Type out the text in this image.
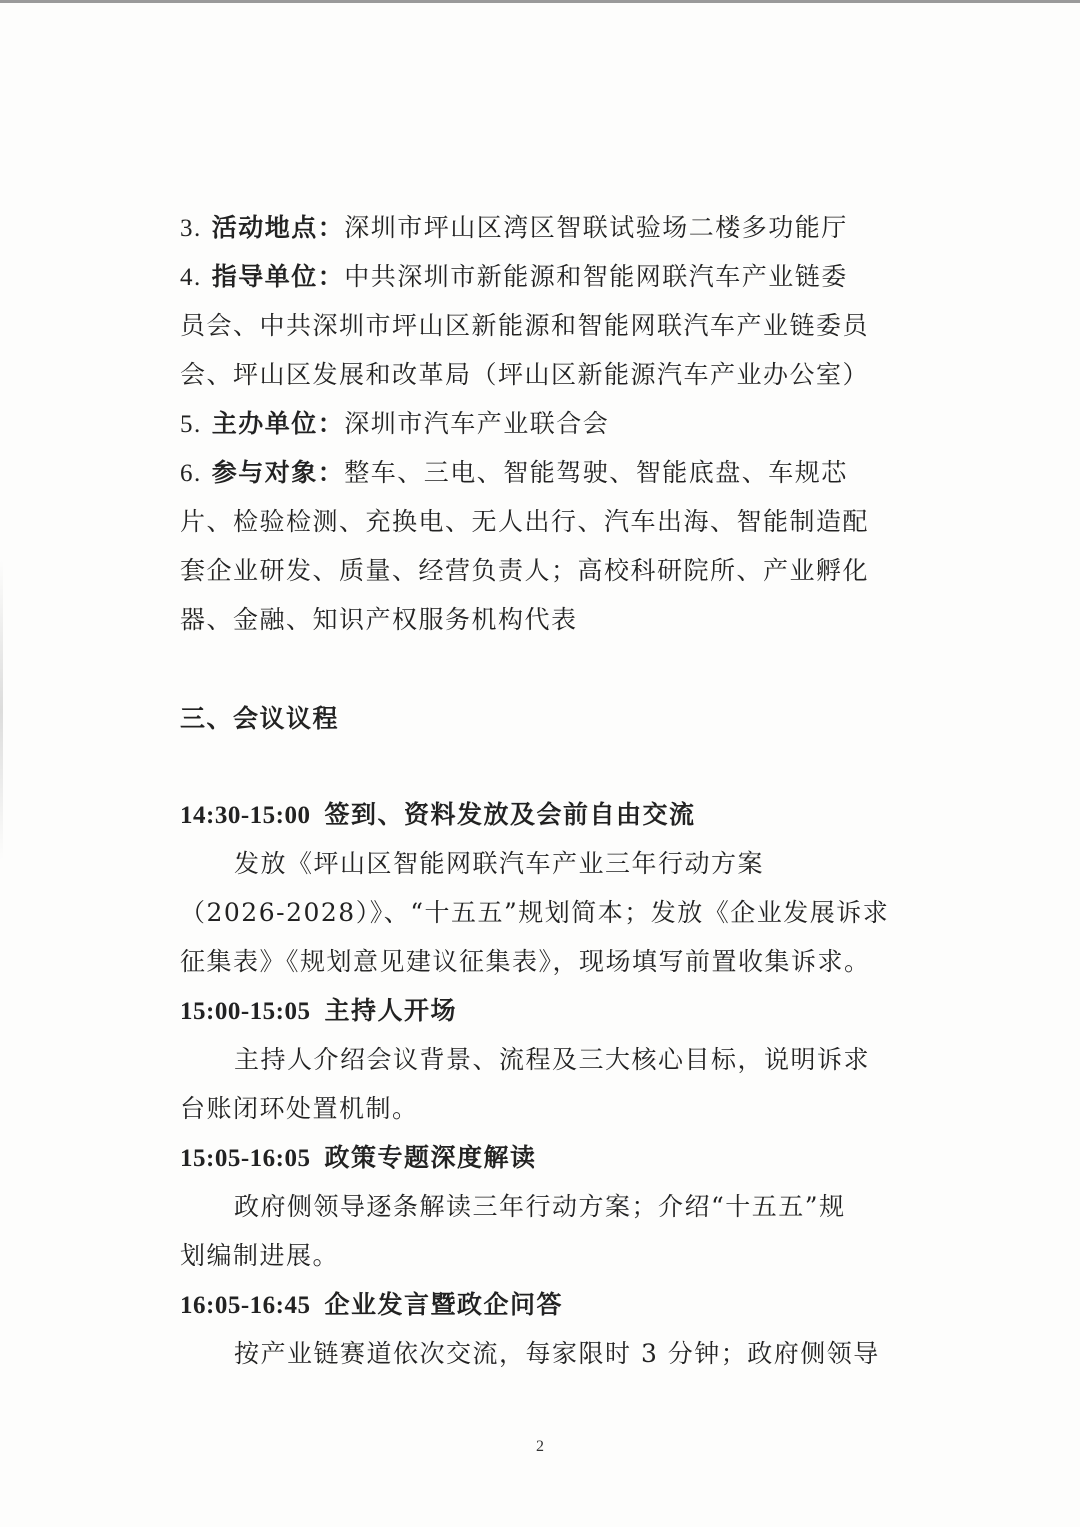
3. 活动地点：深圳市坪山区湾区智联试验场二楼多功能厅
4. 指导单位：中共深圳市新能源和智能网联汽车产业链委
员会、中共深圳市坪山区新能源和智能网联汽车产业链委员
会、坪山区发展和改革局（坪山区新能源汽车产业办公室）
5. 主办单位：深圳市汽车产业联合会
6. 参与对象：整车、三电、智能驾驶、智能底盘、车规芯
片、检验检测、充换电、无人出行、汽车出海、智能制造配
套企业研发、质量、经营负责人；高校科研院所、产业孵化
器、金融、知识产权服务机构代表
三、会议议程
14:30-15:00 签到、资料发放及会前自由交流
发放《坪山区智能网联汽车产业三年行动方案
（2026-2028）》、“十五五”规划简本；发放《企业发展诉求
征集表》《规划意见建议征集表》，现场填写前置收集诉求。
15:00-15:05 主持人开场
主持人介绍会议背景、流程及三大核心目标，说明诉求
台账闭环处置机制。
15:05-16:05 政策专题深度解读
政府侧领导逐条解读三年行动方案；介绍“十五五”规
划编制进展。
16:05-16:45 企业发言暨政企问答
按产业链赛道依次交流，每家限时 3 分钟；政府侧领导
2
